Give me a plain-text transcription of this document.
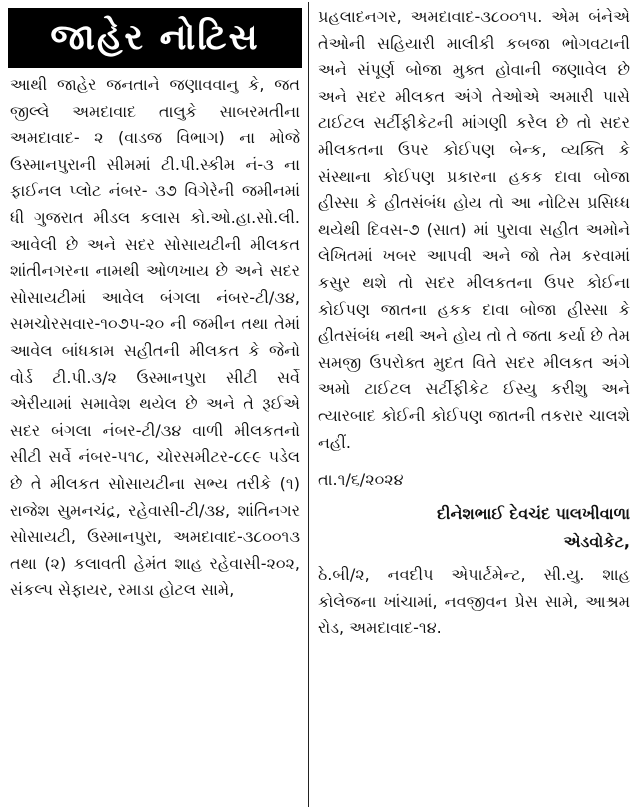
જાહેર નોટિસ

આથી જાહેર જનતાને જણાવવાનુ કે, જત જીલ્લે અમદાવાદ તાલુકે સાબરમતીના અમદાવાદ- ૨ (વાડજ વિભાગ) ના મોજે ઉસ્માનપુરાની સીમમાં ટી.પી.સ્કીમ નં-૩ ના ફાઈનલ પ્લોટ નંબર- ૩૭ વિગેરેની જમીનમાં ધી ગુજરાત મીડલ કલાસ કો.ઓ.હા.સો.લી. આવેલી છે અને સદર સોસાયટીની મીલકત શાંતીનગરના નામથી ઓળખાય છે અને સદર સોસાયટીમાં આવેલ બંગલા નંબર-ટી/૩૪, સમચોરસવાર-૧૦૭૫-૨૦ ની જમીન તથા તેમાં આવેલ બાંધકામ સહીતની મીલકત કે જેનો વોર્ડ ટી.પી.૩/૨ ઉસ્માનપુરા સીટી સર્વે એરીયામાં સમાવેશ થયેલ છે અને તે રૂઈએ સદર બંગલા નંબર-ટી/૩૪ વાળી મીલકતનો સીટી સર્વે નંબર-૫૧૮, ચોરસમીટર-૮૯૯ ૫ડેલ છે તે મીલકત સોસાયટીના સભ્ય તરીકે (૧) રાજેશ સુમનચંદ્ર, રહેવાસી-ટી/૩૪, શાંતિનગર સોસાયટી, ઉસ્માનપુરા, અમદાવાદ-૩૮૦૦૧૩ તથા (૨) કલાવતી હેમંત શાહ રહેવાસી-૨૦૨, સંકલ્પ સેફાયર, રમાડા હોટલ સામે,

પ્રહલાદનગર, અમદાવાદ-૩૮૦૦૧૫. એમ બંનેએ તેઓની સહિયારી માલીકી કબજા ભોગવટાની અને સંપૂર્ણ બોજા મુક્ત હોવાની જણાવેલ છે અને સદર મીલકત અંગે તેઓએ અમારી પાસે ટાઈટલ સર્ટીફીકેટની માંગણી કરેલ છે તો સદર મીલકતના ઉપર કોઈપણ બેન્ક, વ્યક્તિ કે સંસ્થાના કોઈપણ પ્રકારના હકક દાવા બોજા હીસ્સા કે હીતસંબંધ હોય તો આ નોટિસ પ્રસિધ્ધ થયેથી દિવસ-૭ (સાત) માં પુરાવા સહીત અમોને લેખિતમાં ખબર આપવી અને જો તેમ કરવામાં કસુર થશે તો સદર મીલકતના ઉપર કોઈના કોઈપણ જાતના હકક દાવા બોજા હીસ્સા કે હીતસંબંધ નથી અને હોય તો તે જતા કર્યા છે તેમ સમજી ઉપરોક્ત મુદત વિતે સદર મીલકત અંગે અમો ટાઈટલ સર્ટીફીકેટ ઈસ્યુ કરીશુ અને ત્યારબાદ કોઈની કોઈપણ જાતની તકરાર ચાલશે નહીં.

તા.૧/૬/૨૦૨૪
દીનેશભાઈ દેવચંદ પાલખીવાળા
એડવોકેટ,
ઠે.બી/૨, નવદીપ એપાર્ટમેન્ટ, સી.યુ. શાહ કોલેજના ખાંચામાં, નવજીવન પ્રેસ સામે, આશ્રમ રોડ, અમદાવાદ-૧૪.
